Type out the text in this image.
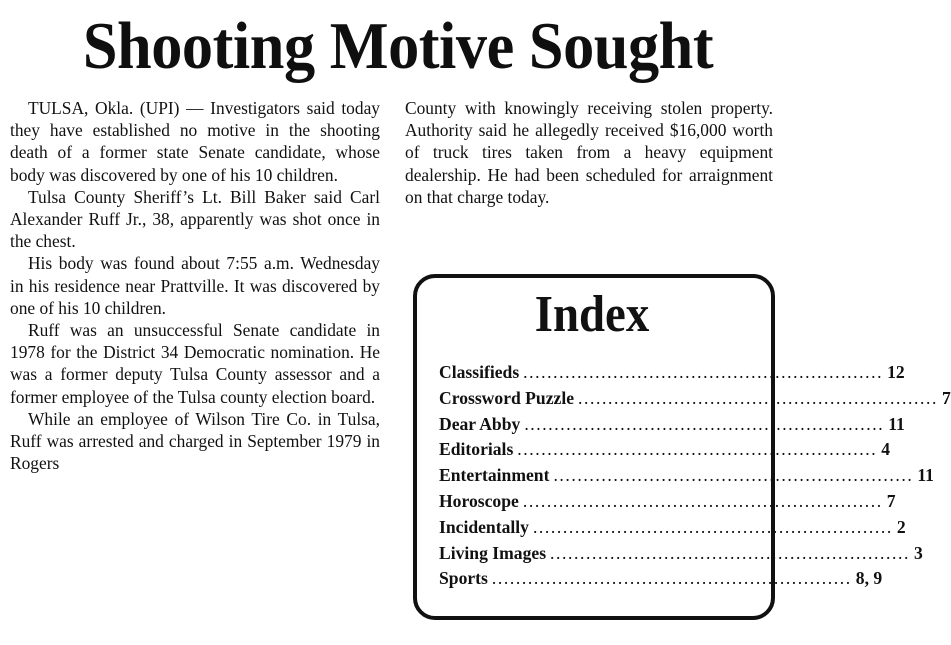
Shooting Motive Sought

TULSA, Okla. (UPI) — Investigators said today they have established no motive in the shooting death of a former state Senate candidate, whose body was discovered by one of his 10 children.

Tulsa County Sheriff’s Lt. Bill Baker said Carl Alexander Ruff Jr., 38, apparently was shot once in the chest.

His body was found about 7:55 a.m. Wednesday in his residence near Prattville. It was discovered by one of his 10 children.

Ruff was an unsuccessful Senate candidate in 1978 for the District 34 Democratic nomination. He was a former deputy Tulsa County assessor and a former employee of the Tulsa county election board.

While an employee of Wilson Tire Co. in Tulsa, Ruff was arrested and charged in September 1979 in Rogers

County with knowingly receiving stolen property. Authority said he allegedly received $16,000 worth of truck tires taken from a heavy equipment dealership. He had been scheduled for arraignment on that charge today.

Index
Classifieds ............................................................ 12
Crossword Puzzle ............................................................ 7
Dear Abby ............................................................ 11
Editorials ............................................................ 4
Entertainment ............................................................ 11
Horoscope ............................................................ 7
Incidentally ............................................................ 2
Living Images ............................................................ 3
Sports ............................................................ 8, 9
